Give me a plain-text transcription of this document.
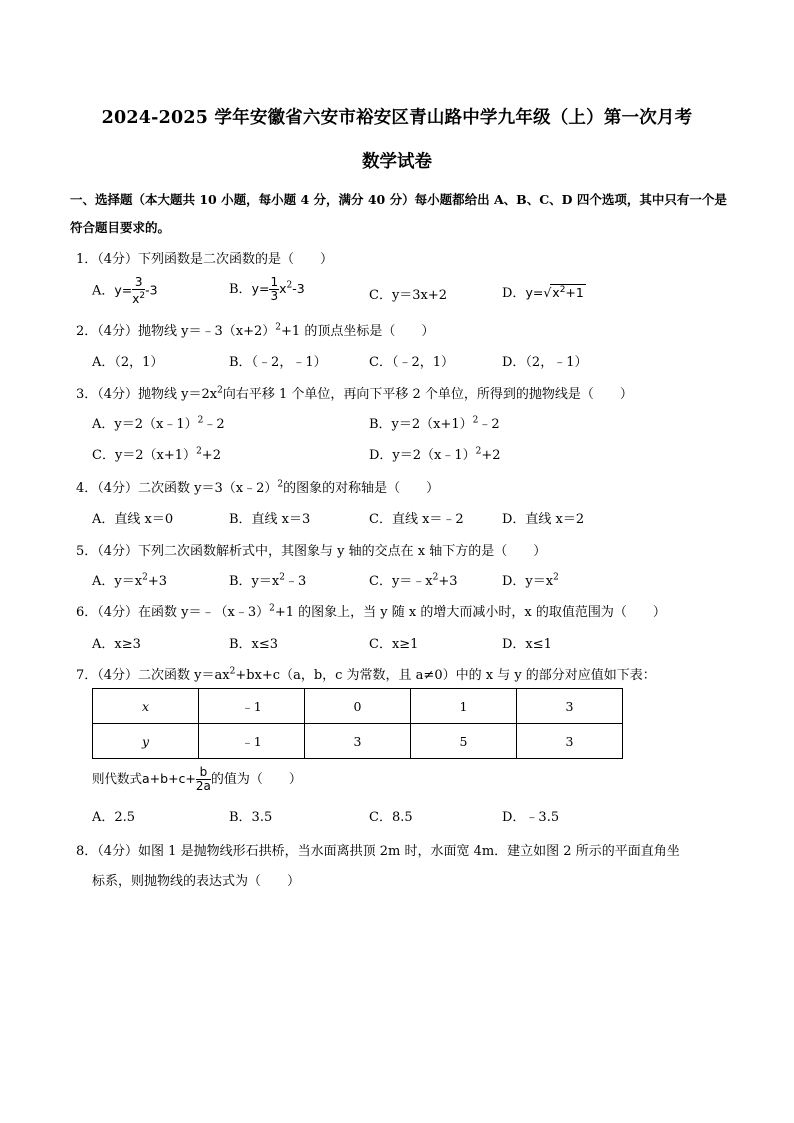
2024-2025 学年安徽省六安市裕安区青山路中学九年级（上）第一次月考
数学试卷
一、选择题（本大题共 10 小题，每小题 4 分，满分 40 分）每小题都给出 A、B、C、D 四个选项，其中只有一个是符合题目要求的。
1．（4分）下列函数是二次函数的是（　　）
A．$y= \frac{3}{x^2} -3$	B．$y= \frac{1}{3} x^2-3$	C．y＝3x+2	D．$y=√x^2+1$
2．（4分）抛物线 $y=﹣3(x+2)^2+1$ 的顶点坐标是（　　）
A．（2，1）	B．（﹣2，﹣1）	C．（﹣2，1）	D．（2，﹣1）
3．（4分）抛物线 $y=2x^2$向右平移 1 个单位，再向下平移 2 个单位，所得到的抛物线是（　　）
A．y＝2（x﹣1）$^2$﹣2	B．$y=2(x+1)^2﹣2$
C．$y=2(x+1)^2+2$	D．y＝2（x﹣1）$^2$+2
4．（4分）二次函数 y＝3（x﹣2）$^2$的图象的对称轴是（　　）
A．直线 x＝0	B．直线 x＝3	C．直线 x＝﹣2	D．直线 x＝2
5．（4分）下列二次函数解析式中，其图象与 y 轴的交点在 x 轴下方的是（　　）
A．$y=x^2+3$	B．$y=x^2﹣3$	C．$y=﹣x^2+3$	D．$y=x^2$
6．（4分）在函数 y＝﹣（x﹣3）$^2$+1 的图象上，当 y 随 x 的增大而减小时，x 的取值范围为（　　）
A．x≥3	B．x≤3	C．x≥1	D．x≤1
7．（4分）二次函数 $y=ax^2+bx+c(a$，b，c 为常数，且 a≠0）中的 x 与 y 的部分对应值如下表：
x	﹣1	0	1	3
y	﹣1	3	5	3
则代数式$a+b+c+ \frac{b}{2a}$ 的值为（　　）
A．2.5	B．3.5	C．8.5	D．﹣3.5
8．（4分）如图 1 是抛物线形石拱桥，当水面离拱顶 2m 时，水面宽 4m．建立如图 2 所示的平面直角坐
标系，则抛物线的表达式为（　　）
